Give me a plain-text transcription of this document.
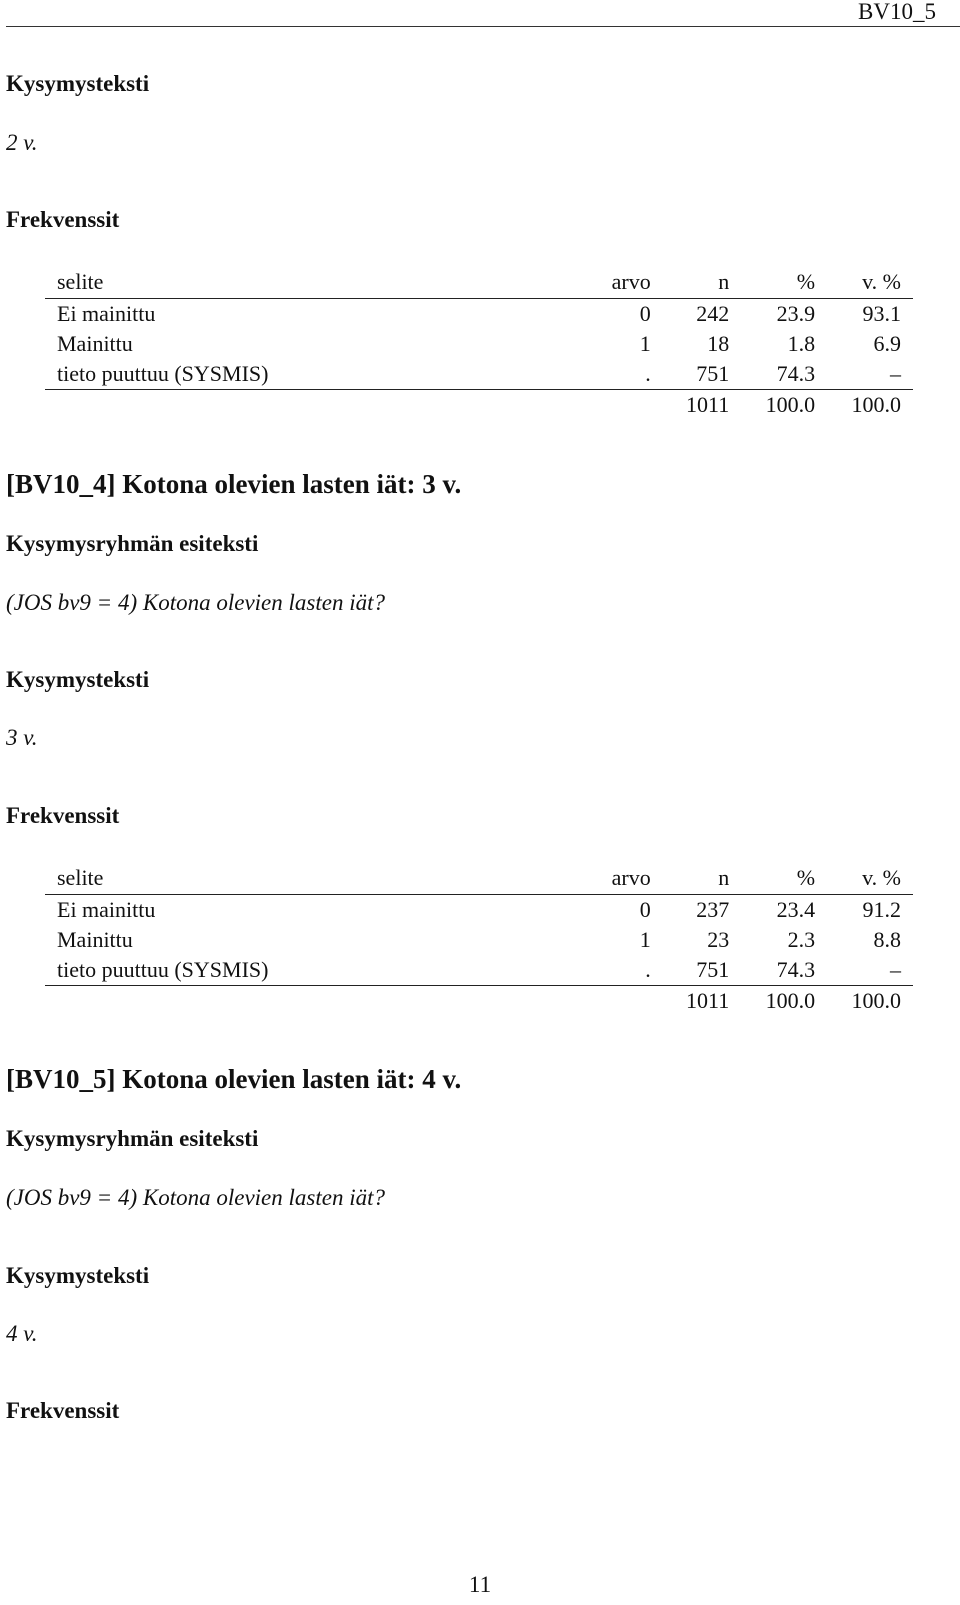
BV10_5
Kysymysteksti
2 v.
Frekvenssit
selite	arvo	n	%	v. %
Ei mainittu	0	242	23.9	93.1
Mainittu	1	18	1.8	6.9
tieto puuttuu (SYSMIS)	.	751	74.3	–
		1011	100.0	100.0
[BV10_4] Kotona olevien lasten iät: 3 v.
Kysymysryhmän esiteksti
(JOS bv9 = 4) Kotona olevien lasten iät?
Kysymysteksti
3 v.
Frekvenssit
selite	arvo	n	%	v. %
Ei mainittu	0	237	23.4	91.2
Mainittu	1	23	2.3	8.8
tieto puuttuu (SYSMIS)	.	751	74.3	–
		1011	100.0	100.0
[BV10_5] Kotona olevien lasten iät: 4 v.
Kysymysryhmän esiteksti
(JOS bv9 = 4) Kotona olevien lasten iät?
Kysymysteksti
4 v.
Frekvenssit
11
